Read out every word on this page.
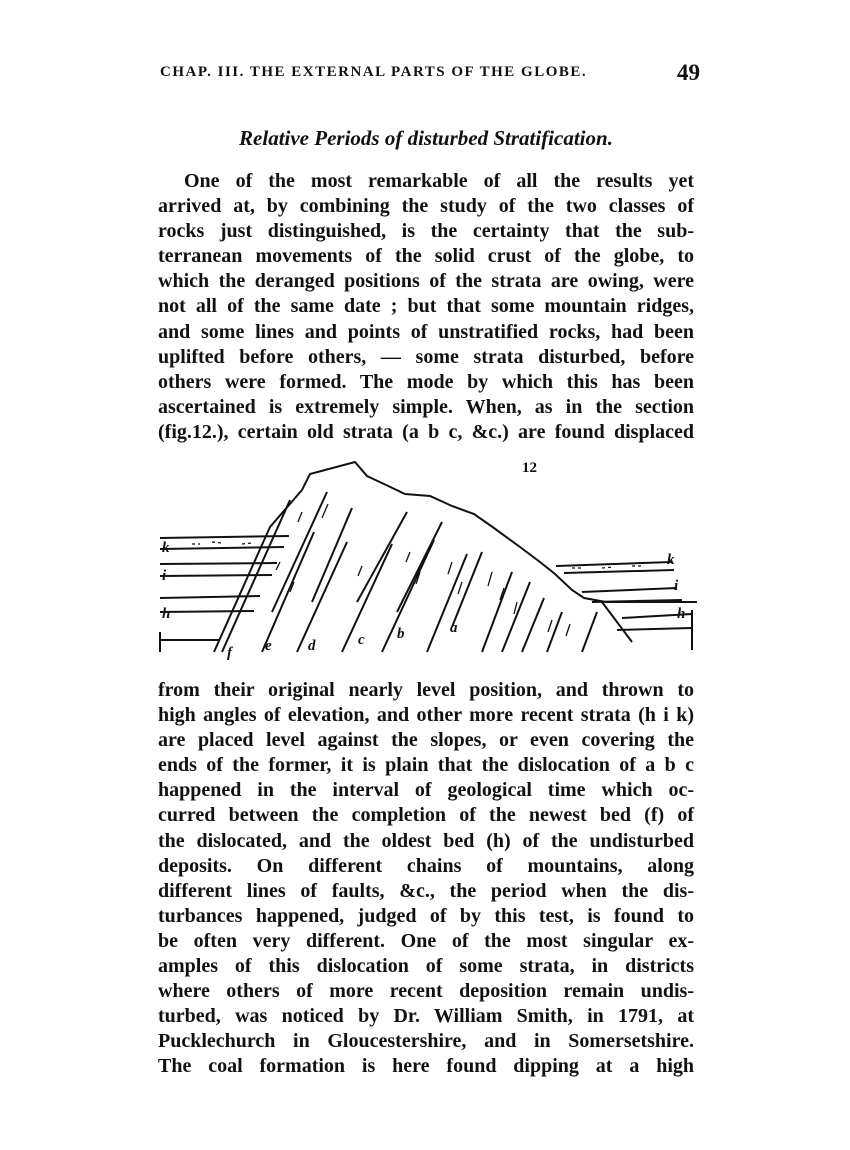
CHAP. III. THE EXTERNAL PARTS OF THE GLOBE.	49
Relative Periods of disturbed Stratification.
One of the most remarkable of all the results yet
arrived at, by combining the study of the two classes of
rocks just distinguished, is the certainty that the sub-
terranean movements of the solid crust of the globe, to
which the deranged positions of the strata are owing, were
not all of the same date ; but that some mountain ridges,
and some lines and points of unstratified rocks, had been
uplifted before others, — some strata disturbed, before
others were formed. The mode by which this has been
ascertained is extremely simple. When, as in the section
(fig.12.), certain old strata (a b c, &c.) are found displaced
k
i
h
k
i
h
f e d	c b	a
12
from their original nearly level position, and thrown to
high angles of elevation, and other more recent strata (h i k)
are placed level against the slopes, or even covering the
ends of the former, it is plain that the dislocation of a b c
happened in the interval of geological time which oc-
curred between the completion of the newest bed (f) of
the dislocated, and the oldest bed (h) of the undisturbed
deposits. On different chains of mountains, along
different lines of faults, &c., the period when the dis-
turbances happened, judged of by this test, is found to
be often very different. One of the most singular ex-
amples of this dislocation of some strata, in districts
where others of more recent deposition remain undis-
turbed, was noticed by Dr. William Smith, in 1791, at
Pucklechurch in Gloucestershire, and in Somersetshire.
The coal formation is here found dipping at a high
